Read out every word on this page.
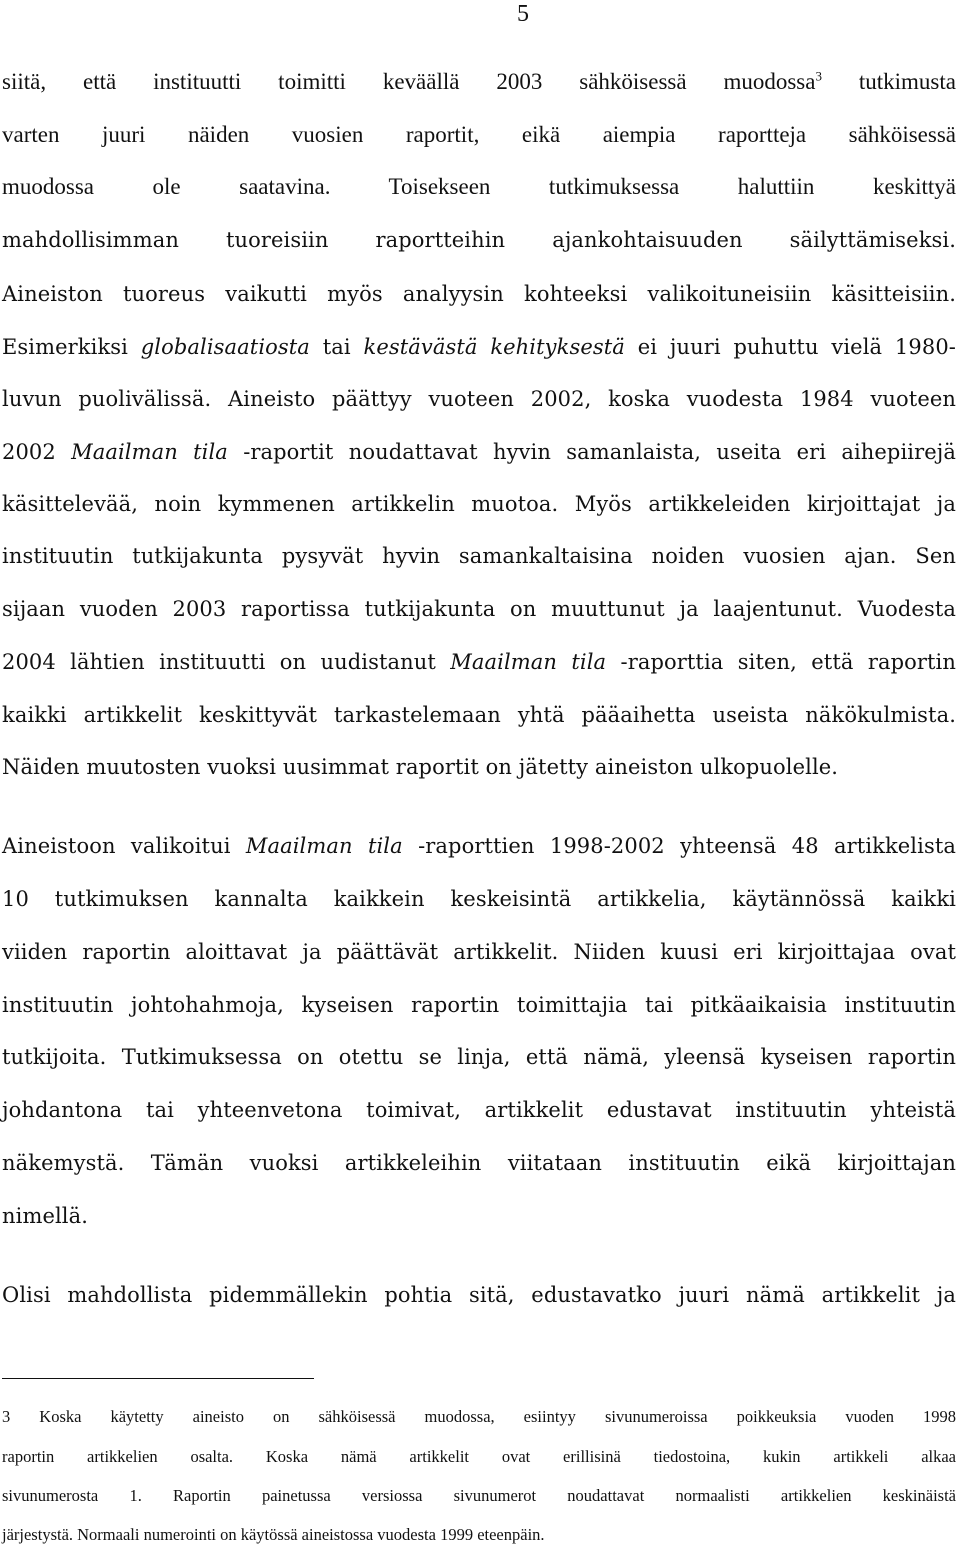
5
siitä, että instituutti toimitti keväällä 2003 sähköisessä muodossa$^3$ tutkimusta
varten juuri näiden vuosien raportit, eikä aiempia raportteja sähköisessä
muodossa ole saatavina. Toisekseen tutkimuksessa haluttiin keskittyä
mahdollisimman tuoreisiin raportteihin ajankohtaisuuden säilyttämiseksi.
Aineiston tuoreus vaikutti myös analyysin kohteeksi valikoituneisiin käsitteisiin.
Esimerkiksi globalisaatiosta tai kestävästä kehityksestä ei juuri puhuttu vielä 1980-
luvun puolivälissä. Aineisto päättyy vuoteen 2002, koska vuodesta 1984 vuoteen
2002 Maailman tila -raportit noudattavat hyvin samanlaista, useita eri aihepiirejä
käsittelevää, noin kymmenen artikkelin muotoa. Myös artikkeleiden kirjoittajat ja
instituutin tutkijakunta pysyvät hyvin samankaltaisina noiden vuosien ajan. Sen
sijaan vuoden 2003 raportissa tutkijakunta on muuttunut ja laajentunut. Vuodesta
2004 lähtien instituutti on uudistanut Maailman tila -raporttia siten, että raportin
kaikki artikkelit keskittyvät tarkastelemaan yhtä pääaihetta useista näkökulmista.
Näiden muutosten vuoksi uusimmat raportit on jätetty aineiston ulkopuolelle.
Aineistoon valikoitui Maailman tila -raporttien 1998-2002 yhteensä 48 artikkelista
10 tutkimuksen kannalta kaikkein keskeisintä artikkelia, käytännössä kaikki
viiden raportin aloittavat ja päättävät artikkelit. Niiden kuusi eri kirjoittajaa ovat
instituutin johtohahmoja, kyseisen raportin toimittajia tai pitkäaikaisia instituutin
tutkijoita. Tutkimuksessa on otettu se linja, että nämä, yleensä kyseisen raportin
johdantona tai yhteenvetona toimivat, artikkelit edustavat instituutin yhteistä
näkemystä. Tämän vuoksi artikkeleihin viitataan instituutin eikä kirjoittajan
nimellä.
Olisi mahdollista pidemmällekin pohtia sitä, edustavatko juuri nämä artikkelit ja
3 Koska käytetty aineisto on sähköisessä muodossa, esiintyy sivunumeroissa poikkeuksia vuoden 1998
raportin artikkelien osalta. Koska nämä artikkelit ovat erillisinä tiedostoina, kukin artikkeli alkaa
sivunumerosta 1. Raportin painetussa versiossa sivunumerot noudattavat normaalisti artikkelien keskinäistä
järjestystä. Normaali numerointi on käytössä aineistossa vuodesta 1999 eteenpäin.
